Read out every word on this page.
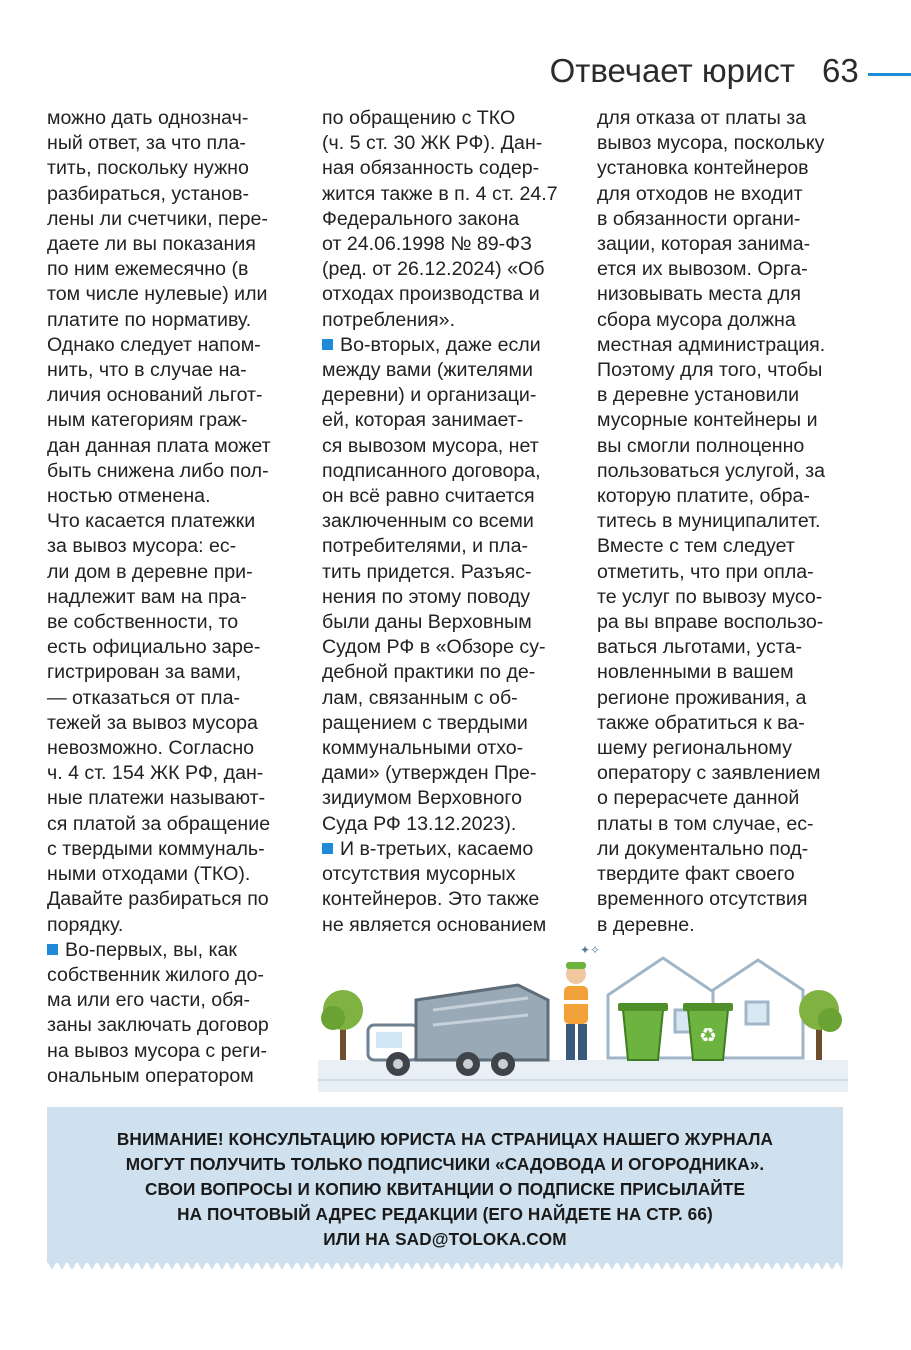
Отвечает юрист 63

можно дать однознач-

ный ответ, за что пла-

тить, поскольку нужно

разбираться, установ-

лены ли счетчики, пере-

даете ли вы показания

по ним ежемесячно (в

том числе нулевые) или

платите по нормативу.

Однако следует напом-

нить, что в случае на-

личия оснований льгот-

ным категориям граж-

дан данная плата может

быть снижена либо пол-

ностью отменена.

Что касается платежки

за вывоз мусора: ес-

ли дом в деревне при-

надлежит вам на пра-

ве собственности, то

есть официально заре-

гистрирован за вами,

— отказаться от пла-

тежей за вывоз мусора

невозможно. Согласно

ч. 4 ст. 154 ЖК РФ, дан-

ные платежи называют-

ся платой за обращение

с твердыми коммуналь-

ными отходами (ТКО).

Давайте разбираться по

порядку.

Во-первых, вы, как

собственник жилого до-

ма или его части, обя-

заны заключать договор

на вывоз мусора с реги-

ональным оператором

по обращению с ТКО

(ч. 5 ст. 30 ЖК РФ). Дан-

ная обязанность содер-

жится также в п. 4 ст. 24.7

Федерального закона

от 24.06.1998 № 89-ФЗ

(ред. от 26.12.2024) «Об

отходах производства и

потребления».

Во-вторых, даже если

между вами (жителями

деревни) и организаци-

ей, которая занимает-

ся вывозом мусора, нет

подписанного договора,

он всё равно считается

заключенным со всеми

потребителями, и пла-

тить придется. Разъяс-

нения по этому поводу

были даны Верховным

Судом РФ в «Обзоре су-

дебной практики по де-

лам, связанным с об-

ращением с твердыми

коммунальными отхо-

дами» (утвержден Пре-

зидиумом Верховного

Суда РФ 13.12.2023).

И в-третьих, касаемо

отсутствия мусорных

контейнеров. Это также

не является основанием

для отказа от платы за

вывоз мусора, поскольку

установка контейнеров

для отходов не входит

в обязанности органи-

зации, которая занима-

ется их вывозом. Орга-

низовывать места для

сбора мусора должна

местная администрация.

Поэтому для того, чтобы

в деревне установили

мусорные контейнеры и

вы смогли полноценно

пользоваться услугой, за

которую платите, обра-

титесь в муниципалитет.

Вместе с тем следует

отметить, что при опла-

те услуг по вывозу мусо-

ра вы вправе воспользо-

ваться льготами, уста-

новленными в вашем

регионе проживания, а

также обратиться к ва-

шему региональному

оператору с заявлением

о перерасчете данной

платы в том случае, ес-

ли документально под-

твердите факт своего

временного отсутствия

в деревне.

♻
✦✧
ВНИМАНИЕ! КОНСУЛЬТАЦИЮ ЮРИСТА НА СТРАНИЦАХ НАШЕГО ЖУРНАЛА
МОГУТ ПОЛУЧИТЬ ТОЛЬКО ПОДПИСЧИКИ «САДОВОДА И ОГОРОДНИКА».
СВОИ ВОПРОСЫ И КОПИЮ КВИТАНЦИИ О ПОДПИСКЕ ПРИСЫЛАЙТЕ
НА ПОЧТОВЫЙ АДРЕС РЕДАКЦИИ (ЕГО НАЙДЕТЕ НА СТР. 66)
ИЛИ НА SAD@TOLOKA.COM
